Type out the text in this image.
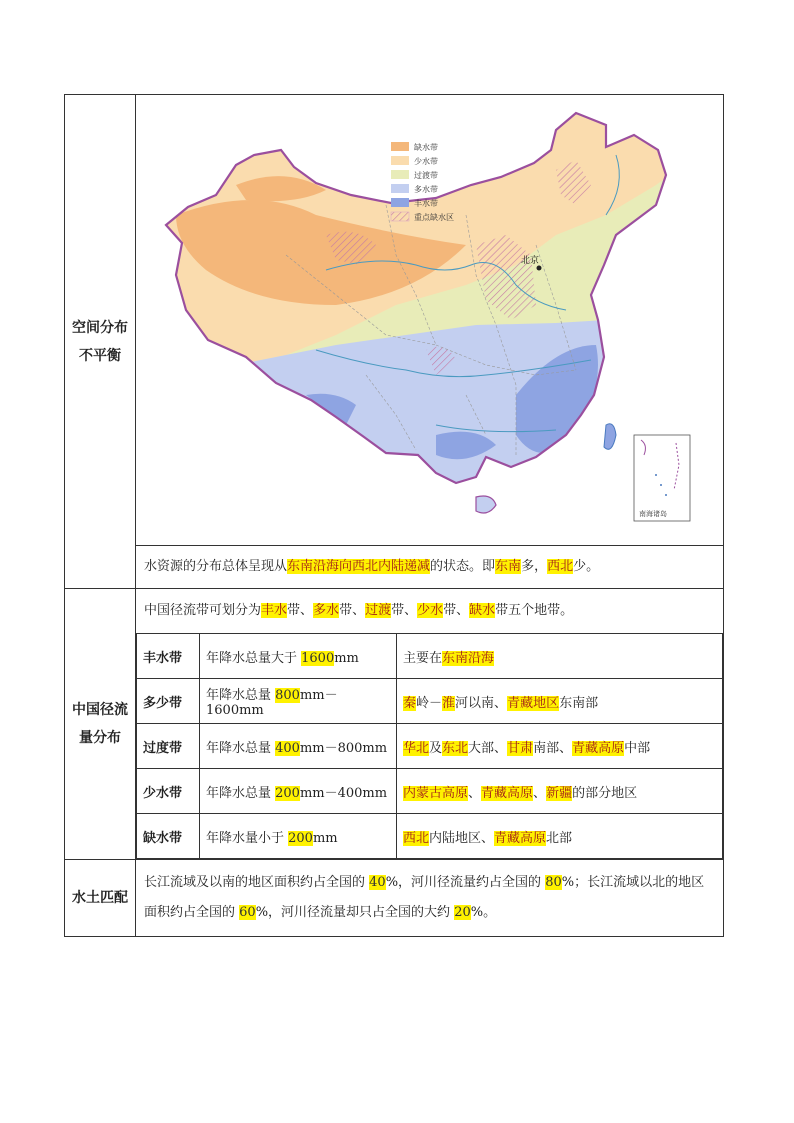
空间分布
不平衡

北京
缺水带
少水带
过渡带
多水带
丰水带
重点缺水区
南海诸岛

水资源的分布总体呈现从东南沿海向西北内陆递减的状态。即东南多，西北少。

中国径流
量分布

中国径流带可划分为丰水带、多水带、过渡带、少水带、缺水带五个地带。
丰水带	年降水总量大于 1600mm	主要在东南沿海
多少带	年降水总量 800mm－1600mm	秦岭－淮河以南、青藏地区东南部
过度带	年降水总量 400mm－800mm	华北及东北大部、甘肃南部、青藏高原中部
少水带	年降水总量 200mm－400mm	内蒙古高原、青藏高原、新疆的部分地区
缺水带	年降水量小于 200mm	西北内陆地区、青藏高原北部

水土匹配
	长江流域及以南的地区面积约占全国的 40%，河川径流量约占全国的 80%；长江流域以北的地区面积约占全国的 60%，河川径流量却只占全国的大约 20%。
